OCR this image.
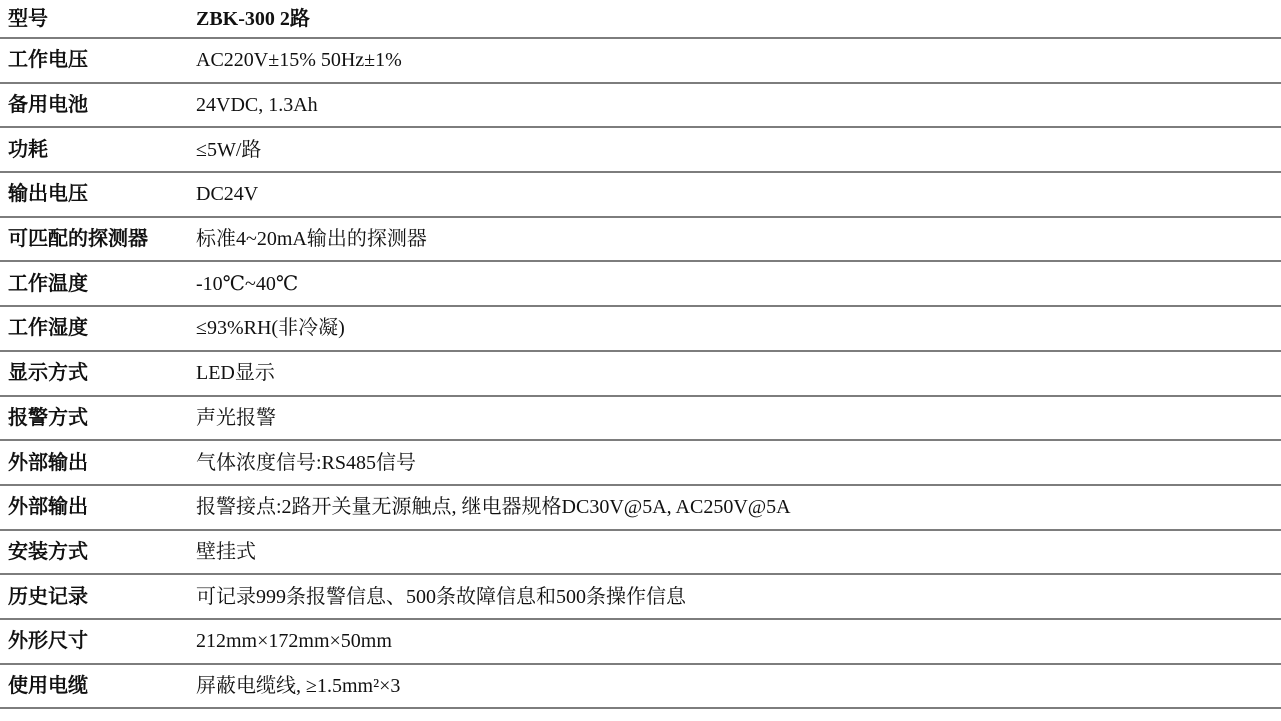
型号	ZBK-300 2路
工作电压	AC220V±15% 50Hz±1%
备用电池	24VDC, 1.3Ah
功耗	≤5W/路
输出电压	DC24V
可匹配的探测器	标准4~20mA输出的探测器
工作温度	-10℃~40℃
工作湿度	≤93%RH(非冷凝)
显示方式	LED显示
报警方式	声光报警
外部输出	气体浓度信号:RS485信号
外部输出	报警接点:2路开关量无源触点, 继电器规格DC30V@5A, AC250V@5A
安装方式	壁挂式
历史记录	可记录999条报警信息、500条故障信息和500条操作信息
外形尺寸	212mm×172mm×50mm
使用电缆	屏蔽电缆线, ≥1.5mm²×3
